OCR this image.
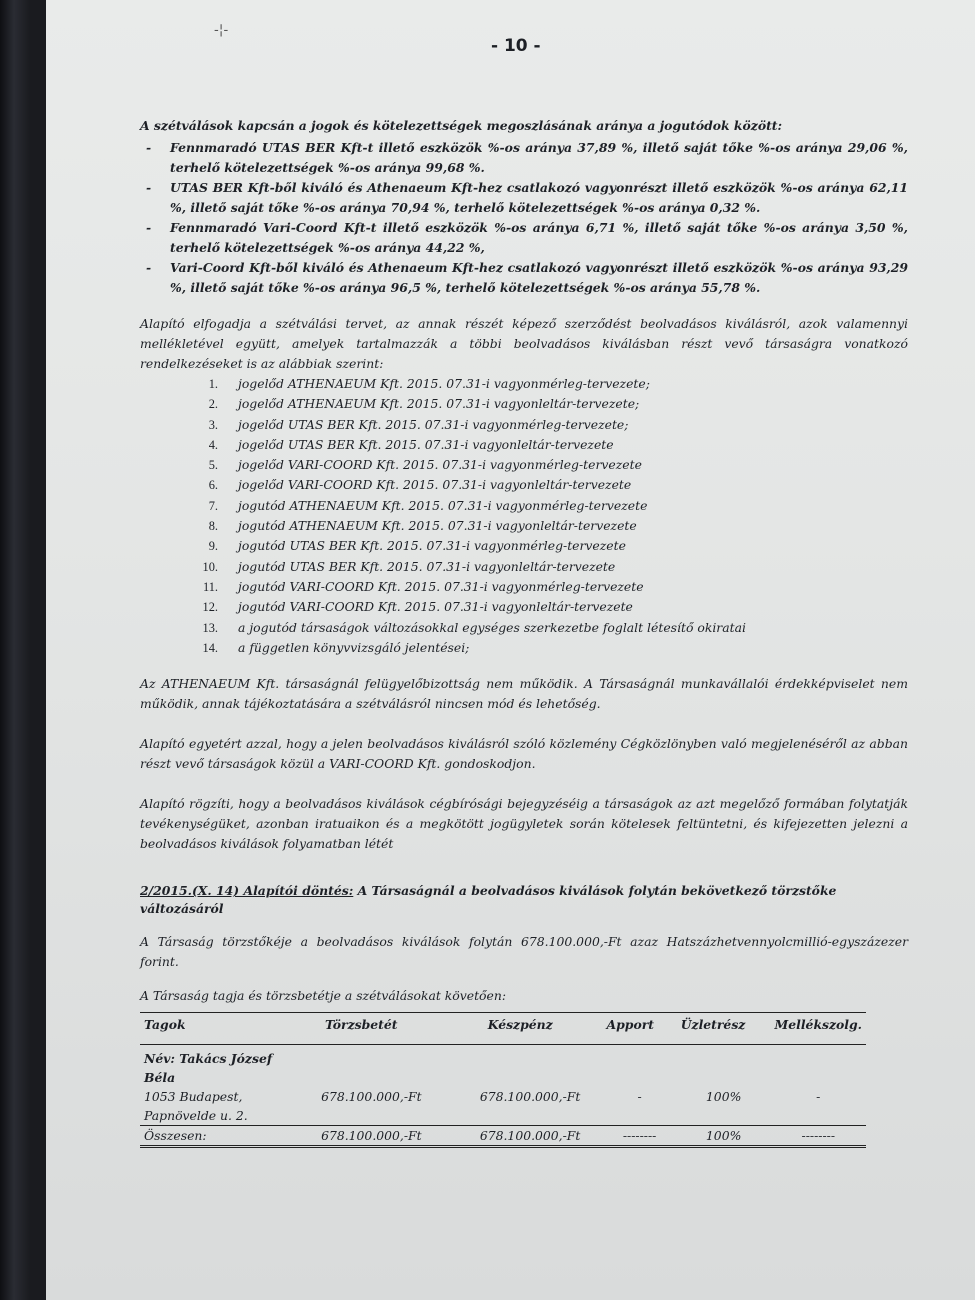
-¦-
- 10 -

A szétválások kapcsán a jogok és kötelezettségek megoszlásának aránya a jogutódok között:

- Fennmaradó UTAS BER Kft-t illető eszközök %-os aránya 37,89 %, illető saját tőke %-os aránya 29,06 %, terhelő kötelezettségek %-os aránya 99,68 %.
- UTAS BER Kft-ből kiváló és Athenaeum Kft-hez csatlakozó vagyonrészt illető eszközök %-os aránya 62,11 %, illető saját tőke %-os aránya 70,94 %, terhelő kötelezettségek %-os aránya 0,32 %.
- Fennmaradó Vari-Coord Kft-t illető eszközök %-os aránya 6,71 %, illető saját tőke %-os aránya 3,50 %, terhelő kötelezettségek %-os aránya 44,22 %,
- Vari-Coord Kft-ből kiváló és Athenaeum Kft-hez csatlakozó vagyonrészt illető eszközök %-os aránya 93,29 %, illető saját tőke %-os aránya 96,5 %, terhelő kötelezettségek %-os aránya 55,78 %.

Alapító elfogadja a szétválási tervet, az annak részét képező szerződést beolvadásos kiválásról, azok valamennyi mellékletével együtt, amelyek tartalmazzák a többi beolvadásos kiválásban részt vevő társaságra vonatkozó rendelkezéseket is az alábbiak szerint:

1. jogelőd ATHENAEUM Kft. 2015. 07.31-i vagyonmérleg-tervezete;
2. jogelőd ATHENAEUM Kft. 2015. 07.31-i vagyonleltár-tervezete;
3. jogelőd UTAS BER Kft. 2015. 07.31-i vagyonmérleg-tervezete;
4. jogelőd UTAS BER Kft. 2015. 07.31-i vagyonleltár-tervezete
5. jogelőd VARI-COORD Kft. 2015. 07.31-i vagyonmérleg-tervezete
6. jogelőd VARI-COORD Kft. 2015. 07.31-i vagyonleltár-tervezete
7. jogutód ATHENAEUM Kft. 2015. 07.31-i vagyonmérleg-tervezete
8. jogutód ATHENAEUM Kft. 2015. 07.31-i vagyonleltár-tervezete
9. jogutód UTAS BER Kft. 2015. 07.31-i vagyonmérleg-tervezete
10. jogutód UTAS BER Kft. 2015. 07.31-i vagyonleltár-tervezete
11. jogutód VARI-COORD Kft. 2015. 07.31-i vagyonmérleg-tervezete
12. jogutód VARI-COORD Kft. 2015. 07.31-i vagyonleltár-tervezete
13. a jogutód társaságok változásokkal egységes szerkezetbe foglalt létesítő okiratai
14. a független könyvvizsgáló jelentései;

Az ATHENAEUM Kft. társaságnál felügyelőbizottság nem működik. A Társaságnál munkavállalói érdekképviselet nem működik, annak tájékoztatására a szétválásról nincsen mód és lehetőség.

Alapító egyetért azzal, hogy a jelen beolvadásos kiválásról szóló közlemény Cégközlönyben való megjelenéséről az abban részt vevő társaságok közül a VARI-COORD Kft. gondoskodjon.

Alapító rögzíti, hogy a beolvadásos kiválások cégbírósági bejegyzéséig a társaságok az azt megelőző formában folytatják tevékenységüket, azonban iratuaikon és a megkötött jogügyletek során kötelesek feltüntetni, és kifejezetten jelezni a beolvadásos kiválások folyamatban létét

2/2015.(X. 14) Alapítói döntés: A Társaságnál a beolvadásos kiválások folytán bekövetkező törzstőke változásáról

A Társaság törzstőkéje a beolvadásos kiválások folytán 678.100.000,-Ft azaz Hatszázhetvennyolcmillió-egyszázezer forint.

A Társaság tagja és törzsbetétje a szétválásokat követően:

Tagok	Törzsbetét	Készpénz	Apport	Üzletrész	Mellékszolg.
Név: Takács József					
Béla					
1053 Budapest,	678.100.000,-Ft	678.100.000,-Ft	-	100%	-
Papnövelde u. 2.					
Összesen:	678.100.000,-Ft	678.100.000,-Ft	--------	100%	--------
